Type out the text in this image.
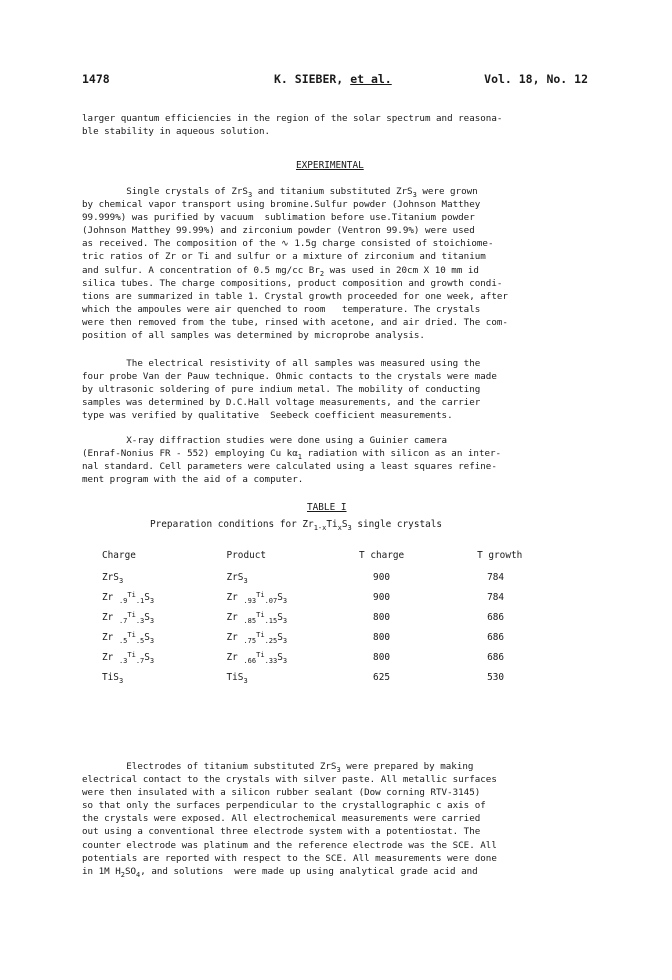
1478	K. SIEBER, et al.	Vol. 18, No. 12

larger quantum efficiencies in the region of the solar spectrum and reasona-
ble stability in aqueous solution.

EXPERIMENTAL

Single crystals of ZrS$_3$ and titanium substituted ZrS$_3$ were grown
by chemical vapor transport using bromine.Sulfur powder (Johnson Matthey
99.999%) was purified by vacuum  sublimation before use.Titanium powder
(Johnson Matthey 99.99%) and zirconium powder (Ventron 99.9%) were used
as received. The composition of the ∿ 1.5g charge consisted of stoichiome-
tric ratios of Zr or Ti and sulfur or a mixture of zirconium and titanium
and sulfur. A concentration of 0.5 mg/cc $Br_2$ was used in 20cm X 10 mm id
silica tubes. The charge compositions, product composition and growth condi-
tions are summarized in table 1. Crystal growth proceeded for one week, after
which the ampoules were air quenched to room   temperature. The crystals
were then removed from the tube, rinsed with acetone, and air dried. The com-
position of all samples was determined by microprobe analysis.

The electrical resistivity of all samples was measured using the
four probe Van der Pauw technique. Ohmic contacts to the crystals were made
by ultrasonic soldering of pure indium metal. The mobility of conducting
samples was determined by D.C.Hall voltage measurements, and the carrier
type was verified by qualitative  Seebeck coefficient measurements.

X-ray diffraction studies were done using a Guinier camera
(Enraf-Nonius FR - 552) employing Cu $k\alpha_1$ radiation with silicon as an inter-
nal standard. Cell parameters were calculated using a least squares refine-
ment program with the aid of a computer.

TABLE I
Preparation conditions for $Zr_{1-x}Ti_xS_3$ single crystals
Charge	Product	T charge	T growth
ZrS$_3$	ZrS$_3$	900	784
Zr $_{.9}^{Ti}_{.1}S_3$	Zr $_{.93}^{Ti}_{.07}S_3$	900	784
Zr $_{.7}^{Ti}_{.3}S_3$	Zr $_{.85}^{Ti}_{.15}S_3$	800	686
Zr $_{.5}^{Ti}_{.5}S_3$	Zr $_{.75}^{Ti}_{.25}S_3$	800	686
Zr $_{.3}^{Ti}_{.7}S_3$	Zr $_{.66}^{Ti}_{.33}S_3$	800	686
TiS$_3$	TiS$_3$	625	530

Electrodes of titanium substituted ZrS$_3$ were prepared by making
electrical contact to the crystals with silver paste. All metallic surfaces
were then insulated with a silicon rubber sealant (Dow corning RTV-3145)
so that only the surfaces perpendicular to the crystallographic c axis of
the crystals were exposed. All electrochemical measurements were carried
out using a conventional three electrode system with a potentiostat. The
counter electrode was platinum and the reference electrode was the SCE. All
potentials are reported with respect to the SCE. All measurements were done
in 1M $H_2SO_4$, and solutions  were made up using analytical grade acid and
